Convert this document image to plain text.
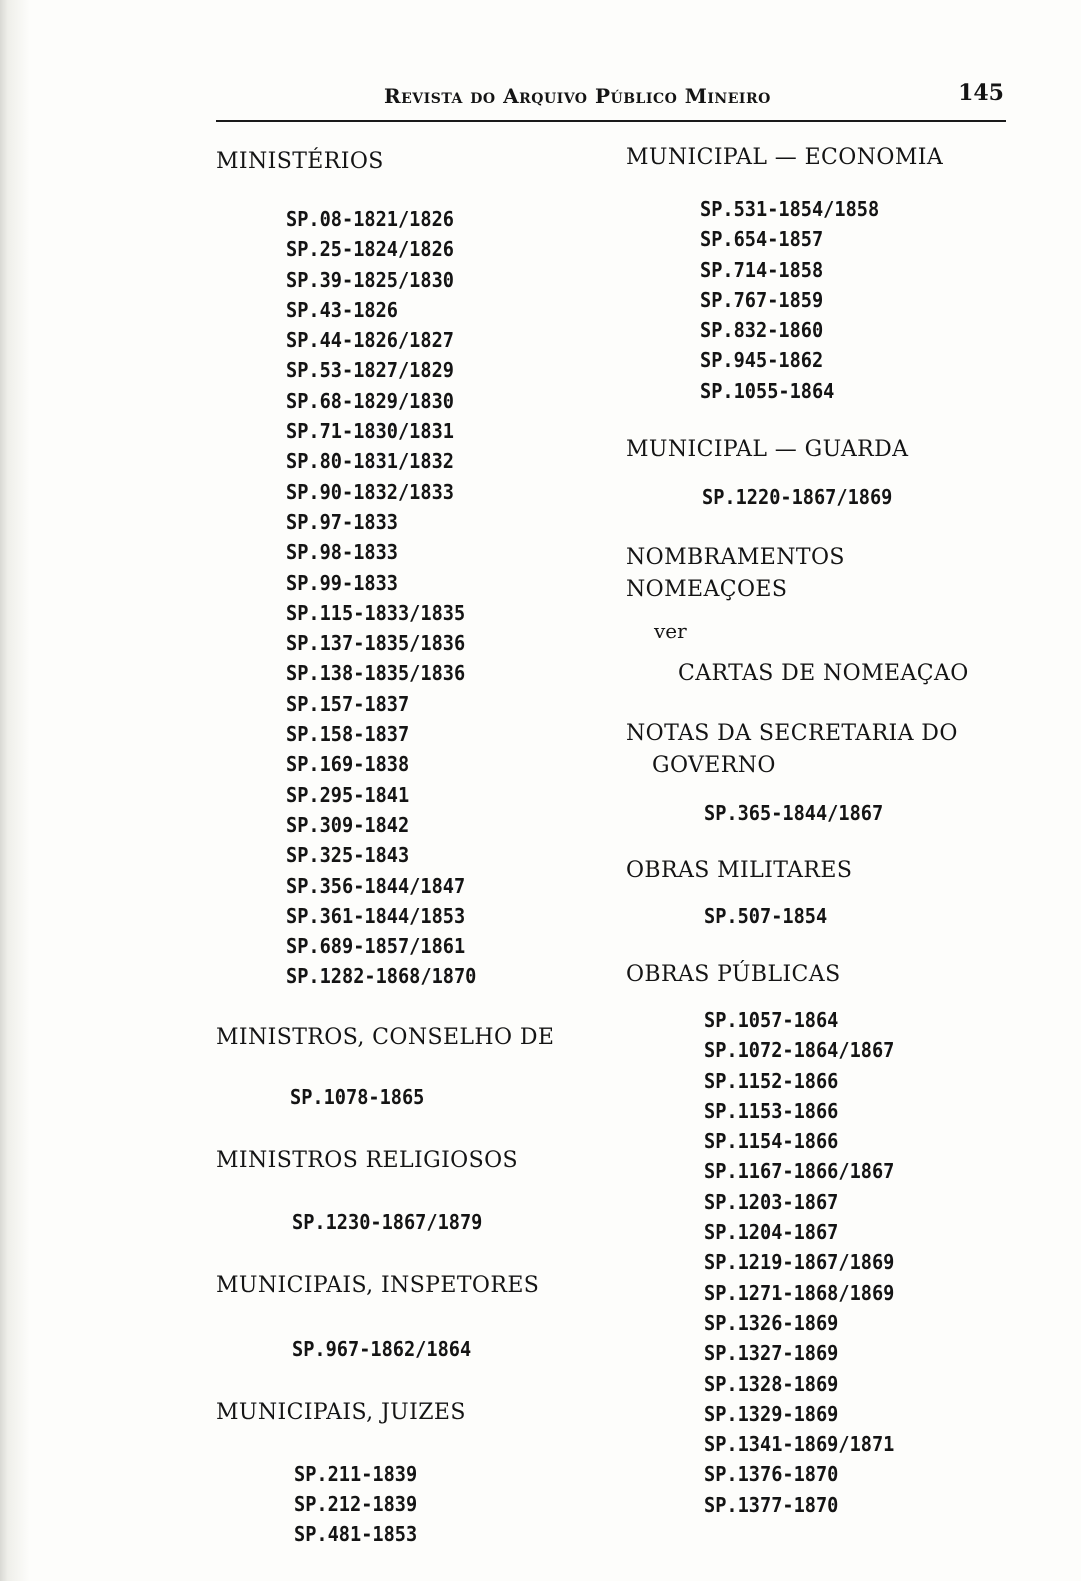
Revista do Arquivo Público Mineiro	145

MINISTÉRIOS

SP.08-1821/1826
SP.25-1824/1826
SP.39-1825/1830
SP.43-1826
SP.44-1826/1827
SP.53-1827/1829
SP.68-1829/1830
SP.71-1830/1831
SP.80-1831/1832
SP.90-1832/1833
SP.97-1833
SP.98-1833
SP.99-1833
SP.115-1833/1835
SP.137-1835/1836
SP.138-1835/1836
SP.157-1837
SP.158-1837
SP.169-1838
SP.295-1841
SP.309-1842
SP.325-1843
SP.356-1844/1847
SP.361-1844/1853
SP.689-1857/1861
SP.1282-1868/1870

MINISTROS, CONSELHO DE

SP.1078-1865

MINISTROS RELIGIOSOS

SP.1230-1867/1879

MUNICIPAIS, INSPETORES

SP.967-1862/1864

MUNICIPAIS, JUIZES

SP.211-1839
SP.212-1839
SP.481-1853

MUNICIPAL — ECONOMIA

SP.531-1854/1858
SP.654-1857
SP.714-1858
SP.767-1859
SP.832-1860
SP.945-1862
SP.1055-1864

MUNICIPAL — GUARDA

SP.1220-1867/1869

NOMBRAMENTOS

NOMEAÇOES

ver

CARTAS DE NOMEAÇAO

NOTAS DA SECRETARIA DO

GOVERNO

SP.365-1844/1867

OBRAS MILITARES

SP.507-1854

OBRAS PÚBLICAS

SP.1057-1864
SP.1072-1864/1867
SP.1152-1866
SP.1153-1866
SP.1154-1866
SP.1167-1866/1867
SP.1203-1867
SP.1204-1867
SP.1219-1867/1869
SP.1271-1868/1869
SP.1326-1869
SP.1327-1869
SP.1328-1869
SP.1329-1869
SP.1341-1869/1871
SP.1376-1870
SP.1377-1870
